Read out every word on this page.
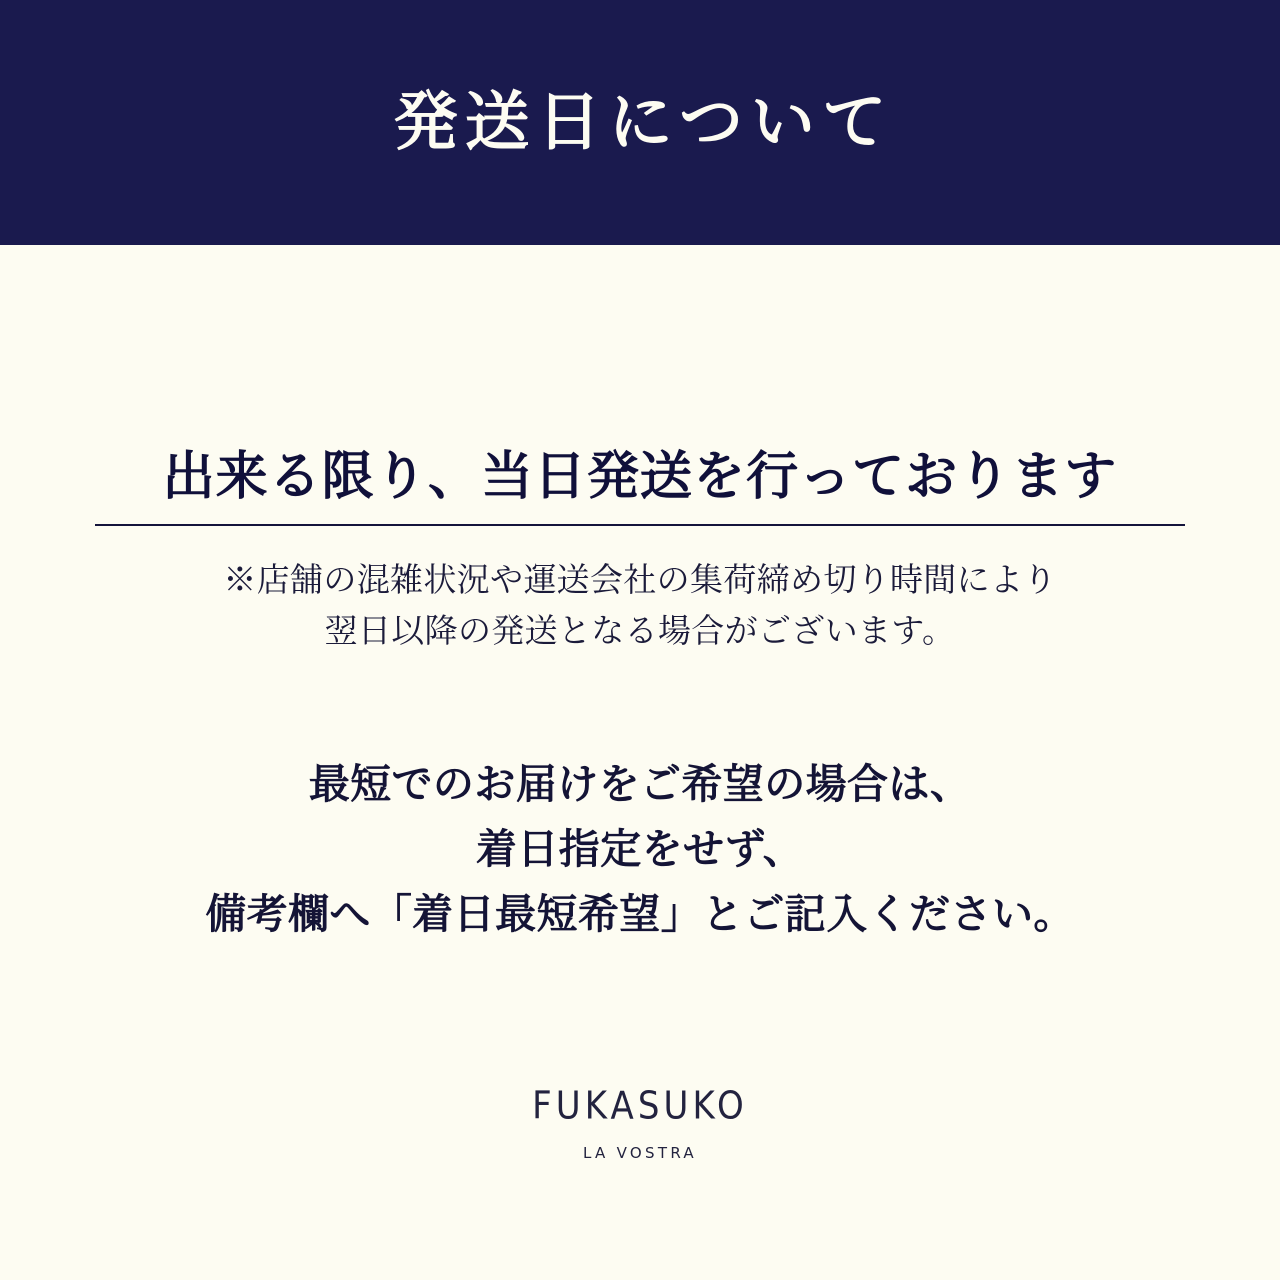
発送日について
出来る限り、当日発送を行っております
※店舗の混雑状況や運送会社の集荷締め切り時間により
翌日以降の発送となる場合がございます。
最短でのお届けをご希望の場合は、
着日指定をせず、
備考欄へ「着日最短希望」とご記入ください。
FUKASUKO
LA VOSTRA
